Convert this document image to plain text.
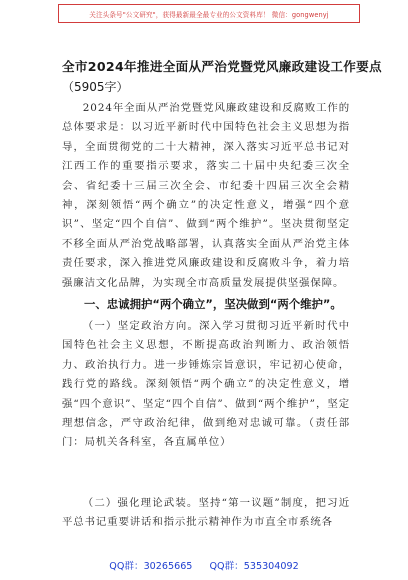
关注头条号"公文研究"，获得最新最全最专业的公文资料库！ 微信：gongwenyj
全市2024年推进全面从严治党暨党风廉政建设工作要点
（5905字）
2024年全面从严治党暨党风廉政建设和反腐败工作的总体要求是：以习近平新时代中国特色社会主义思想为指导，全面贯彻党的二十大精神，深入落实习近平总书记对江西工作的重要指示要求，落实二十届中央纪委三次全会、省纪委十三届三次全会、市纪委十四届三次全会精神，深刻领悟“两个确立”的决定性意义，增强“四个意识”、坚定“四个自信”、做到“两个维护”。坚决贯彻坚定不移全面从严治党战略部署，认真落实全面从严治党主体责任要求，深入推进党风廉政建设和反腐败斗争，着力培强廉洁文化品牌，为实现全市高质量发展提供坚强保障。
一、忠诚拥护“两个确立”，坚决做到“两个维护”。
（一）坚定政治方向。深入学习贯彻习近平新时代中国特色社会主义思想，不断提高政治判断力、政治领悟力、政治执行力。进一步锤炼宗旨意识，牢记初心使命，践行党的路线。深刻领悟“两个确立”的决定性意义，增强“四个意识”、坚定“四个自信”、做到“两个维护”，坚定理想信念，严守政治纪律，做到绝对忠诚可靠。（责任部门：局机关各科室，各直属单位）
（二）强化理论武装。坚持“第一议题”制度，把习近平总书记重要讲话和指示批示精神作为市直全市系统各
QQ群：30265665 QQ群：535304092
